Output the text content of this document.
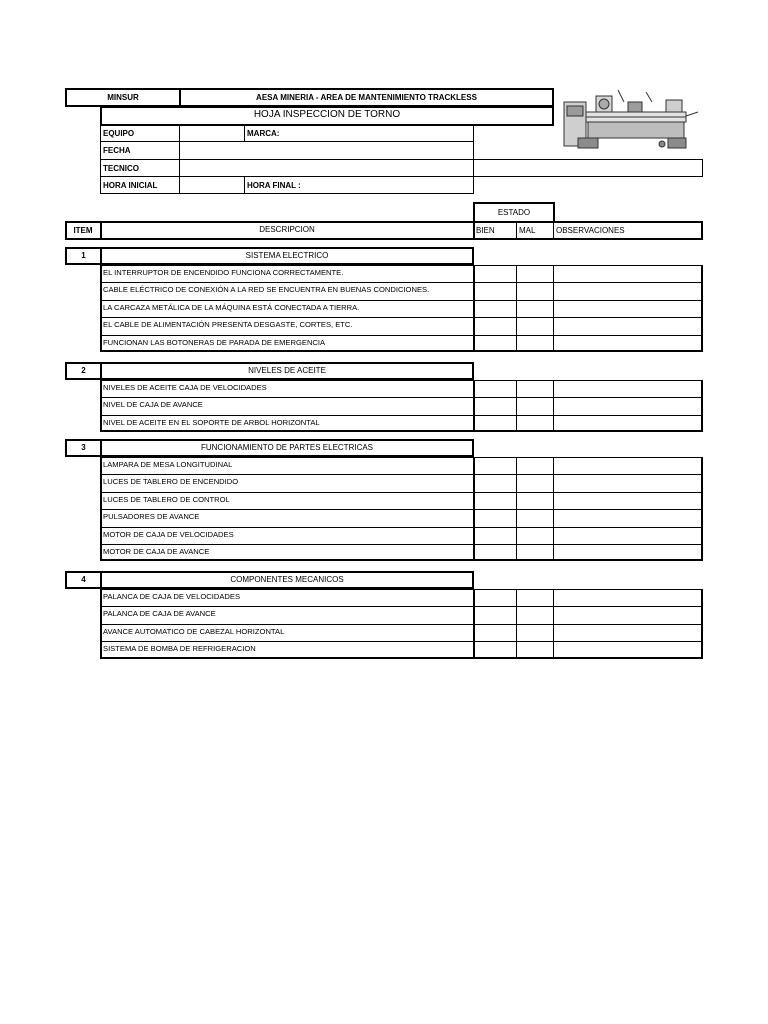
MINSUR	AESA MINERIA - AREA DE MANTENIMIENTO TRACKLESS
HOJA INSPECCION DE TORNO
EQUIPO	MARCA:
FECHA
TECNICO
HORA INICIAL	HORA FINAL :
ESTADO
ITEM	DESCRIPCION	BIEN	MAL	OBSERVACIONES
1	SISTEMA ELECTRICO
EL INTERRUPTOR DE ENCENDIDO FUNCIONA CORRECTAMENTE.
CABLE ELÉCTRICO DE CONEXIÓN A LA RED SE ENCUENTRA EN BUENAS CONDICIONES.
LA CARCAZA METÁLICA DE LA MÁQUINA ESTÁ CONECTADA A TIERRA.
EL CABLE DE ALIMENTACIÓN PRESENTA DESGASTE, CORTES, ETC.
FUNCIONAN LAS BOTONERAS DE PARADA DE EMERGENCIA
2	NIVELES DE ACEITE
NIVELES DE ACEITE CAJA DE VELOCIDADES
NIVEL DE CAJA DE AVANCE
NIVEL DE ACEITE EN EL SOPORTE DE ARBOL HORIZONTAL
3	FUNCIONAMIENTO DE PARTES ELECTRICAS
LAMPARA DE MESA LONGITUDINAL
LUCES DE TABLERO DE ENCENDIDO
LUCES DE TABLERO DE CONTROL
PULSADORES DE AVANCE
MOTOR DE CAJA DE VELOCIDADES
MOTOR DE CAJA DE AVANCE
4	COMPONENTES MECANICOS
PALANCA DE CAJA DE VELOCIDADES
PALANCA DE CAJA DE AVANCE
AVANCE AUTOMATICO DE CABEZAL HORIZONTAL
SISTEMA DE BOMBA DE REFRIGERACION
